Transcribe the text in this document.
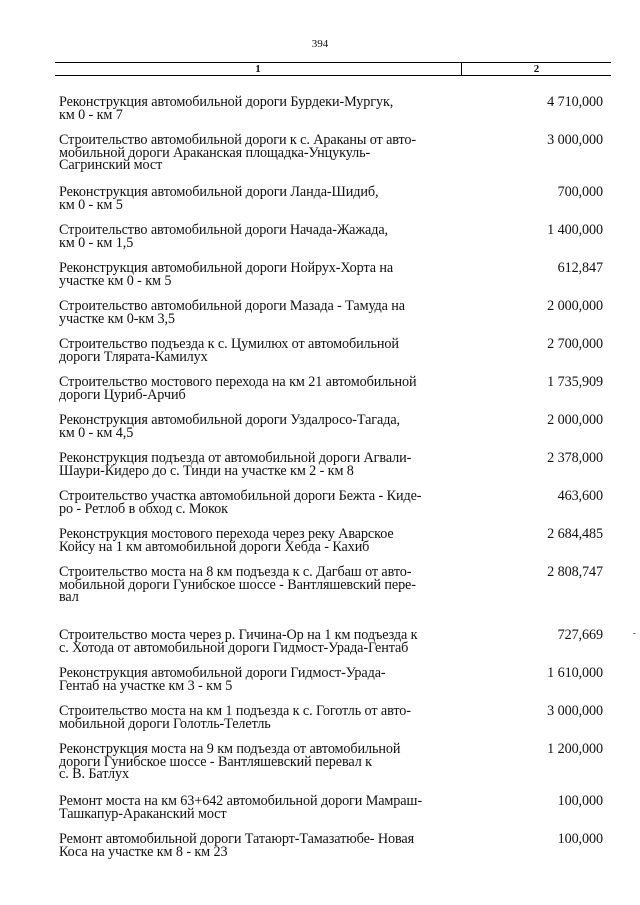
394
1	2
Реконструкция автомобильной дороги Бурдеки-Мургук,
км 0 - км 7
4 710,000
Строительство автомобильной дороги к с. Араканы от авто-
мобильной дороги Араканская площадка-Унцукуль-
Сагринский мост
3 000,000
Реконструкция автомобильной дороги Ланда-Шидиб,
км 0 - км 5
700,000
Строительство автомобильной дороги Начада-Жажада,
км 0 - км 1,5
1 400,000
Реконструкция автомобильной дороги Нойрух-Хорта на
участке км 0 - км 5
612,847
Строительство автомобильной дороги Мазада - Тамуда на
участке км 0-км 3,5
2 000,000
Строительство подъезда к с. Цумилюх от автомобильной
дороги Тлярата-Камилух
2 700,000
Строительство мостового перехода на км 21 автомобильной
дороги Цуриб-Арчиб
1 735,909
Реконструкция автомобильной дороги Уздалросо-Тагада,
км 0 - км 4,5
2 000,000
Реконструкция подъезда от автомобильной дороги Агвали-
Шаури-Кидеро до с. Тинди на участке км 2 - км 8
2 378,000
Строительство участка автомобильной дороги Бежта - Киде-
ро - Ретлоб в обход с. Мокок
463,600
Реконструкция мостового перехода через реку Аварское
Койсу на 1 км автомобильной дороги Хебда - Кахиб
2 684,485
Строительство моста на 8 км подъезда к с. Дагбаш от авто-
мобильной дороги Гунибское шоссе - Вантляшевский пере-
вал
2 808,747
Строительство моста через р. Гичина-Ор на 1 км подъезда к
с. Хотода от автомобильной дороги Гидмост-Урада-Гентаб
727,669
Реконструкция автомобильной дороги Гидмост-Урада-
Гентаб на участке км 3 - км 5
1 610,000
Строительство моста на км 1 подъезда к с. Гоготль от авто-
мобильной дороги Голотль-Телетль
3 000,000
Реконструкция моста на 9 км подъезда от автомобильной
дороги Гунибское шоссе - Вантляшевский перевал к
с. В. Батлух
1 200,000
Ремонт моста на км 63+642 автомобильной дороги Мамраш-
Ташкапур-Араканский мост
100,000
Ремонт автомобильной дороги Татаюрт-Тамазатюбе- Новая
Коса на участке км 8 - км 23
100,000
-
